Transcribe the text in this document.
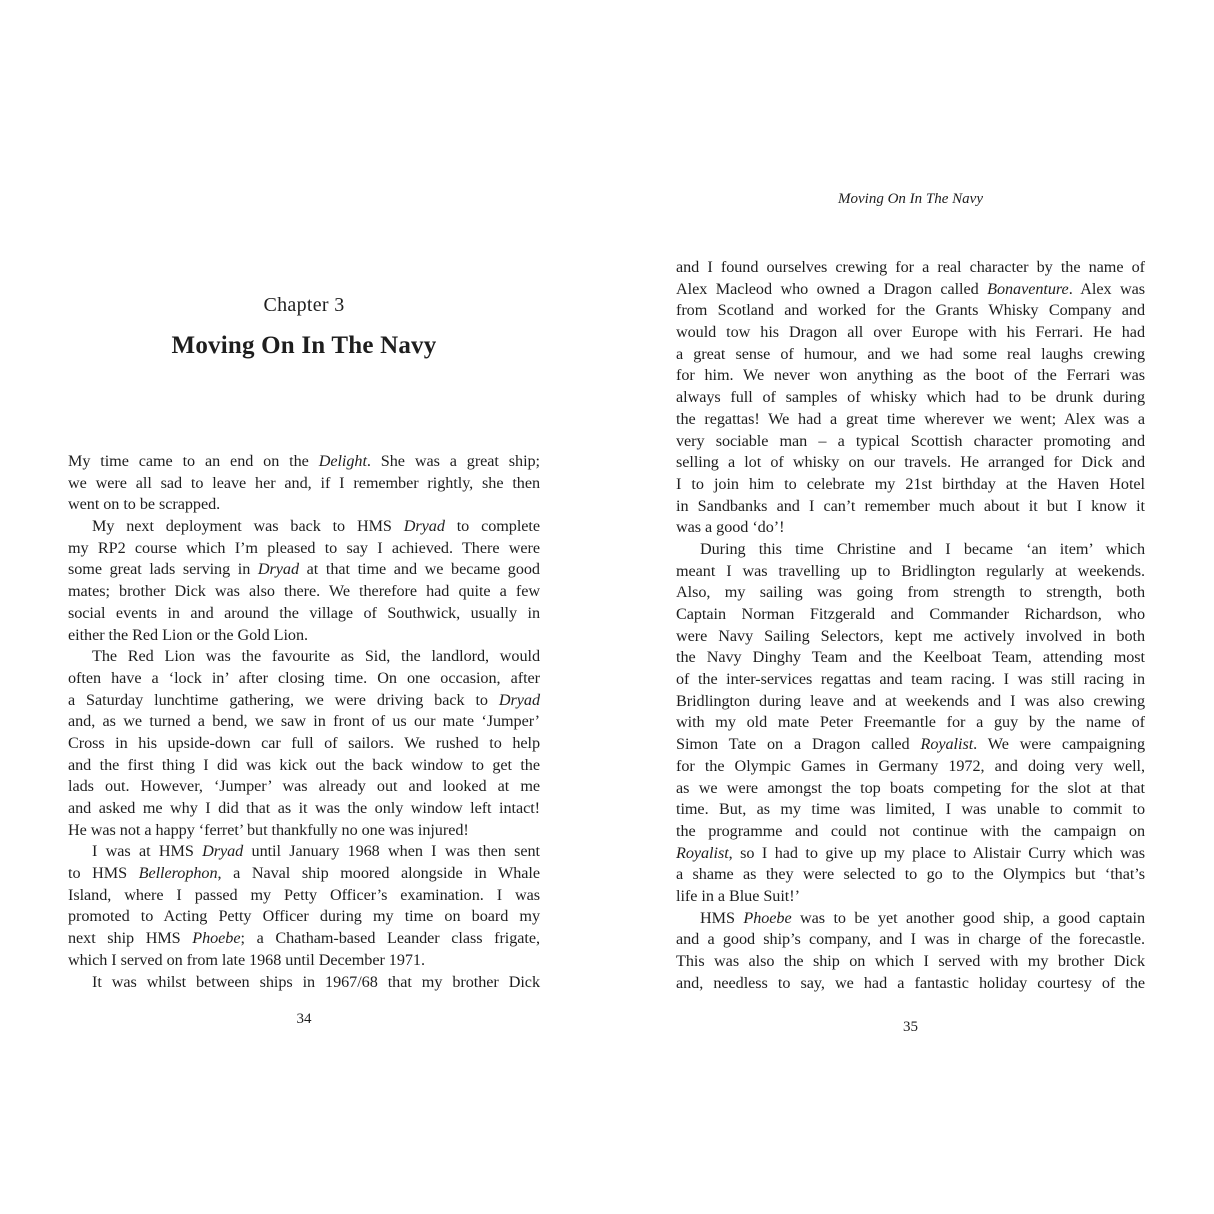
Chapter 3
Moving On In The Navy
Moving On In The Navy
My time came to an end on the Delight. She was a great ship;
we were all sad to leave her and, if I remember rightly, she then
went on to be scrapped.
My next deployment was back to HMS Dryad to complete
my RP2 course which I’m pleased to say I achieved. There were
some great lads serving in Dryad at that time and we became good
mates; brother Dick was also there. We therefore had quite a few
social events in and around the village of Southwick, usually in
either the Red Lion or the Gold Lion.
The Red Lion was the favourite as Sid, the landlord, would
often have a ‘lock in’ after closing time. On one occasion, after
a Saturday lunchtime gathering, we were driving back to Dryad
and, as we turned a bend, we saw in front of us our mate ‘Jumper’
Cross in his upside-down car full of sailors. We rushed to help
and the first thing I did was kick out the back window to get the
lads out. However, ‘Jumper’ was already out and looked at me
and asked me why I did that as it was the only window left intact!
He was not a happy ‘ferret’ but thankfully no one was injured!
I was at HMS Dryad until January 1968 when I was then sent
to HMS Bellerophon, a Naval ship moored alongside in Whale
Island, where I passed my Petty Officer’s examination. I was
promoted to Acting Petty Officer during my time on board my
next ship HMS Phoebe; a Chatham-based Leander class frigate,
which I served on from late 1968 until December 1971.
It was whilst between ships in 1967/68 that my brother Dick
and I found ourselves crewing for a real character by the name of
Alex Macleod who owned a Dragon called Bonaventure. Alex was
from Scotland and worked for the Grants Whisky Company and
would tow his Dragon all over Europe with his Ferrari. He had
a great sense of humour, and we had some real laughs crewing
for him. We never won anything as the boot of the Ferrari was
always full of samples of whisky which had to be drunk during
the regattas! We had a great time wherever we went; Alex was a
very sociable man – a typical Scottish character promoting and
selling a lot of whisky on our travels. He arranged for Dick and
I to join him to celebrate my 21st birthday at the Haven Hotel
in Sandbanks and I can’t remember much about it but I know it
was a good ‘do’!
During this time Christine and I became ‘an item’ which
meant I was travelling up to Bridlington regularly at weekends.
Also, my sailing was going from strength to strength, both
Captain Norman Fitzgerald and Commander Richardson, who
were Navy Sailing Selectors, kept me actively involved in both
the Navy Dinghy Team and the Keelboat Team, attending most
of the inter-services regattas and team racing. I was still racing in
Bridlington during leave and at weekends and I was also crewing
with my old mate Peter Freemantle for a guy by the name of
Simon Tate on a Dragon called Royalist. We were campaigning
for the Olympic Games in Germany 1972, and doing very well,
as we were amongst the top boats competing for the slot at that
time. But, as my time was limited, I was unable to commit to
the programme and could not continue with the campaign on
Royalist, so I had to give up my place to Alistair Curry which was
a shame as they were selected to go to the Olympics but ‘that’s
life in a Blue Suit!’
HMS Phoebe was to be yet another good ship, a good captain
and a good ship’s company, and I was in charge of the forecastle.
This was also the ship on which I served with my brother Dick
and, needless to say, we had a fantastic holiday courtesy of the
34	35
